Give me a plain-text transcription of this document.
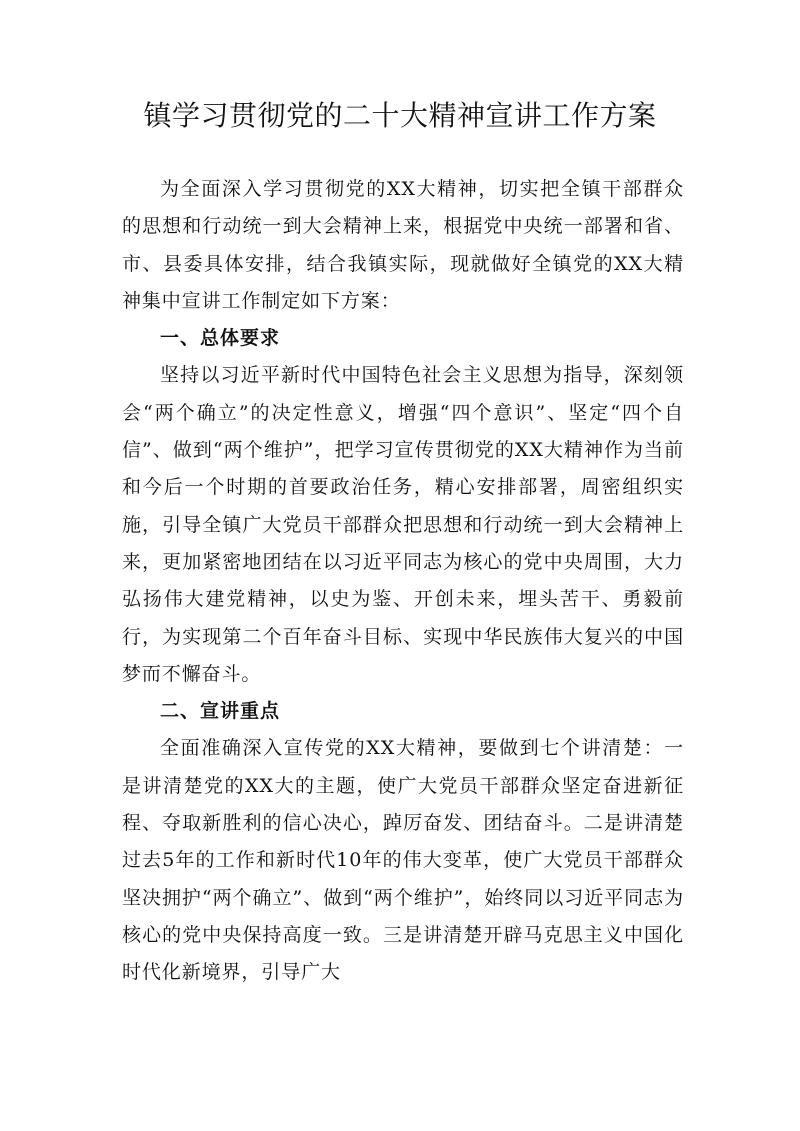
镇学习贯彻党的二十大精神宣讲工作方案

为全面深入学习贯彻党的XX大精神，切实把全镇干部群众的思想和行动统一到大会精神上来，根据党中央统一部署和省、市、县委具体安排，结合我镇实际，现就做好全镇党的XX大精神集中宣讲工作制定如下方案：

一、总体要求

坚持以习近平新时代中国特色社会主义思想为指导，深刻领会“两个确立”的决定性意义，增强“四个意识”、坚定“四个自信”、做到“两个维护”，把学习宣传贯彻党的XX大精神作为当前和今后一个时期的首要政治任务，精心安排部署，周密组织实施，引导全镇广大党员干部群众把思想和行动统一到大会精神上来，更加紧密地团结在以习近平同志为核心的党中央周围，大力弘扬伟大建党精神，以史为鉴、开创未来，埋头苦干、勇毅前行，为实现第二个百年奋斗目标、实现中华民族伟大复兴的中国梦而不懈奋斗。

二、宣讲重点

全面准确深入宣传党的XX大精神，要做到七个讲清楚：一是讲清楚党的XX大的主题，使广大党员干部群众坚定奋进新征程、夺取新胜利的信心决心，踔厉奋发、团结奋斗。二是讲清楚过去5年的工作和新时代10年的伟大变革，使广大党员干部群众坚决拥护“两个确立”、做到“两个维护”，始终同以习近平同志为核心的党中央保持高度一致。三是讲清楚开辟马克思主义中国化时代化新境界，引导广大
